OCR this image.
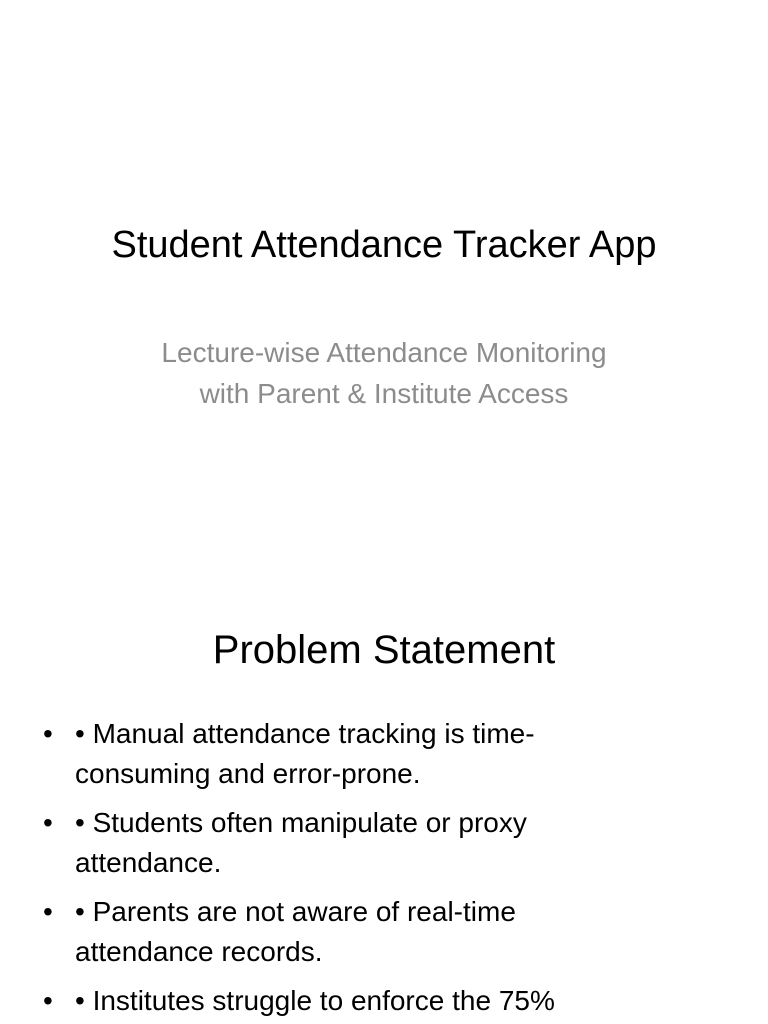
Student Attendance Tracker App
Lecture-wise Attendance Monitoring
with Parent & Institute Access
Problem Statement
• • Manual attendance tracking is time-
consuming and error-prone.
• • Students often manipulate or proxy
attendance.
• • Parents are not aware of real-time
attendance records.
• • Institutes struggle to enforce the 75%
